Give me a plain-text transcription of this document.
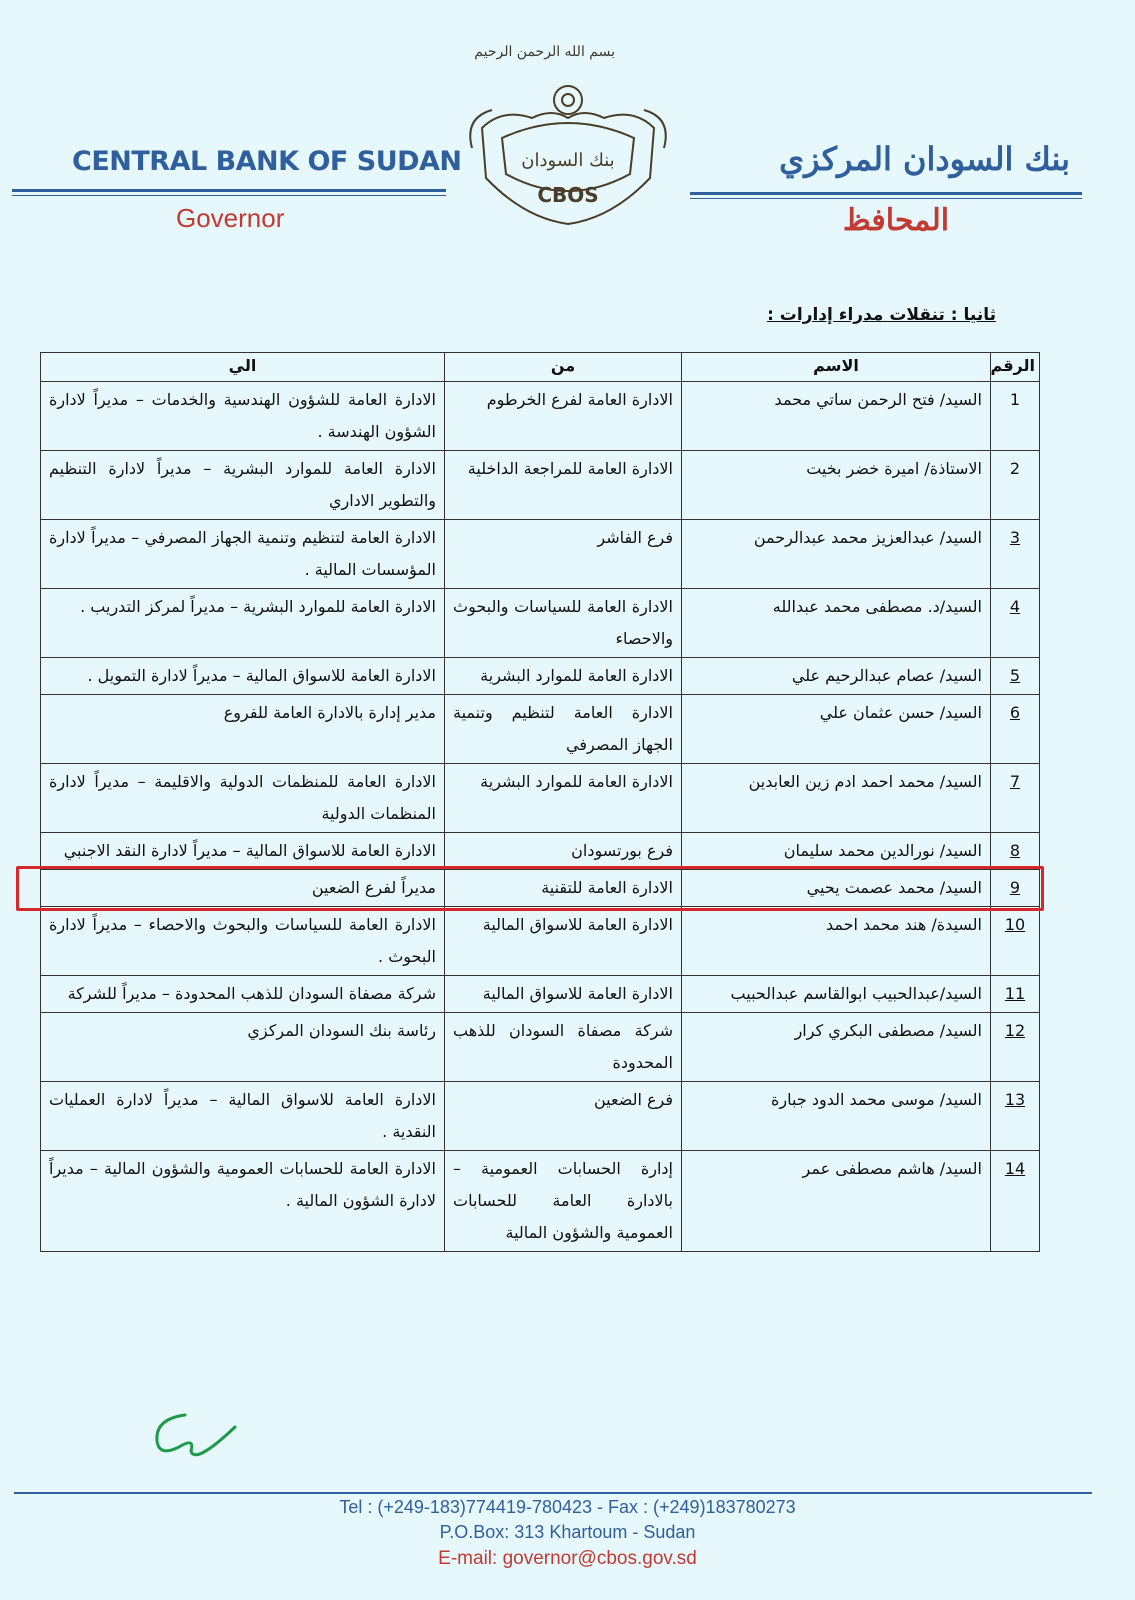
بسم الله الرحمن الرحيم
بنك السودان
CBOS
CENTRAL BANK OF SUDAN
Governor
بنك السودان المركزي
المحافظ
ثانيا : تنقلات مدراء إدارات :
الرقم	الاسم	من	الي
1	السيد/ فتح الرحمن ساتي محمد	الادارة العامة لفرع الخرطوم	الادارة العامة للشؤون الهندسية والخدمات – مديراً لادارة الشؤون الهندسة .
2	الاستاذة/ اميرة خضر بخيت	الادارة العامة للمراجعة الداخلية	الادارة العامة للموارد البشرية – مديراً لادارة التنظيم والتطوير الاداري
3	السيد/ عبدالعزيز محمد عبدالرحمن	فرع الفاشر	الادارة العامة لتنظيم وتنمية الجهاز المصرفي – مديراً لادارة المؤسسات المالية .
4	السيد/د. مصطفى محمد عبدالله	الادارة العامة للسياسات والبحوث والاحصاء	الادارة العامة للموارد البشرية – مديراً لمركز التدريب .
5	السيد/ عصام عبدالرحيم علي	الادارة العامة للموارد البشرية	الادارة العامة للاسواق المالية – مديراً لادارة التمويل .
6	السيد/ حسن عثمان علي	الادارة العامة لتنظيم وتنمية الجهاز المصرفي	مدير إدارة بالادارة العامة للفروع
7	السيد/ محمد احمد ادم زين العابدين	الادارة العامة للموارد البشرية	الادارة العامة للمنظمات الدولية والاقليمة – مديراً لادارة المنظمات الدولية
8	السيد/ نورالدين محمد سليمان	فرع بورتسودان	الادارة العامة للاسواق المالية – مديراً لادارة النقد الاجنبي
9	السيد/ محمد عصمت يحيي	الادارة العامة للتقنية	مديراً لفرع الضعين
10	السيدة/ هند محمد احمد	الادارة العامة للاسواق المالية	الادارة العامة للسياسات والبحوث والاحصاء – مديراً لادارة البحوث .
11	السيد/عبدالحبيب ابوالقاسم عبدالحبيب	الادارة العامة للاسواق المالية	شركة مصفاة السودان للذهب المحدودة – مديراً للشركة
12	السيد/ مصطفى البكري كرار	شركة مصفاة السودان للذهب المحدودة	رئاسة بنك السودان المركزي
13	السيد/ موسى محمد الدود جبارة	فرع الضعين	الادارة العامة للاسواق المالية – مديراً لادارة العمليات النقدية .
14	السيد/ هاشم مصطفى عمر	إدارة الحسابات العمومية – بالادارة العامة للحسابات العمومية والشؤون المالية	الادارة العامة للحسابات العمومية والشؤون المالية – مديراً لادارة الشؤون المالية .
Tel : (+249-183)774419-780423 - Fax : (+249)183780273
P.O.Box: 313 Khartoum - Sudan
E-mail: governor@cbos.gov.sd
